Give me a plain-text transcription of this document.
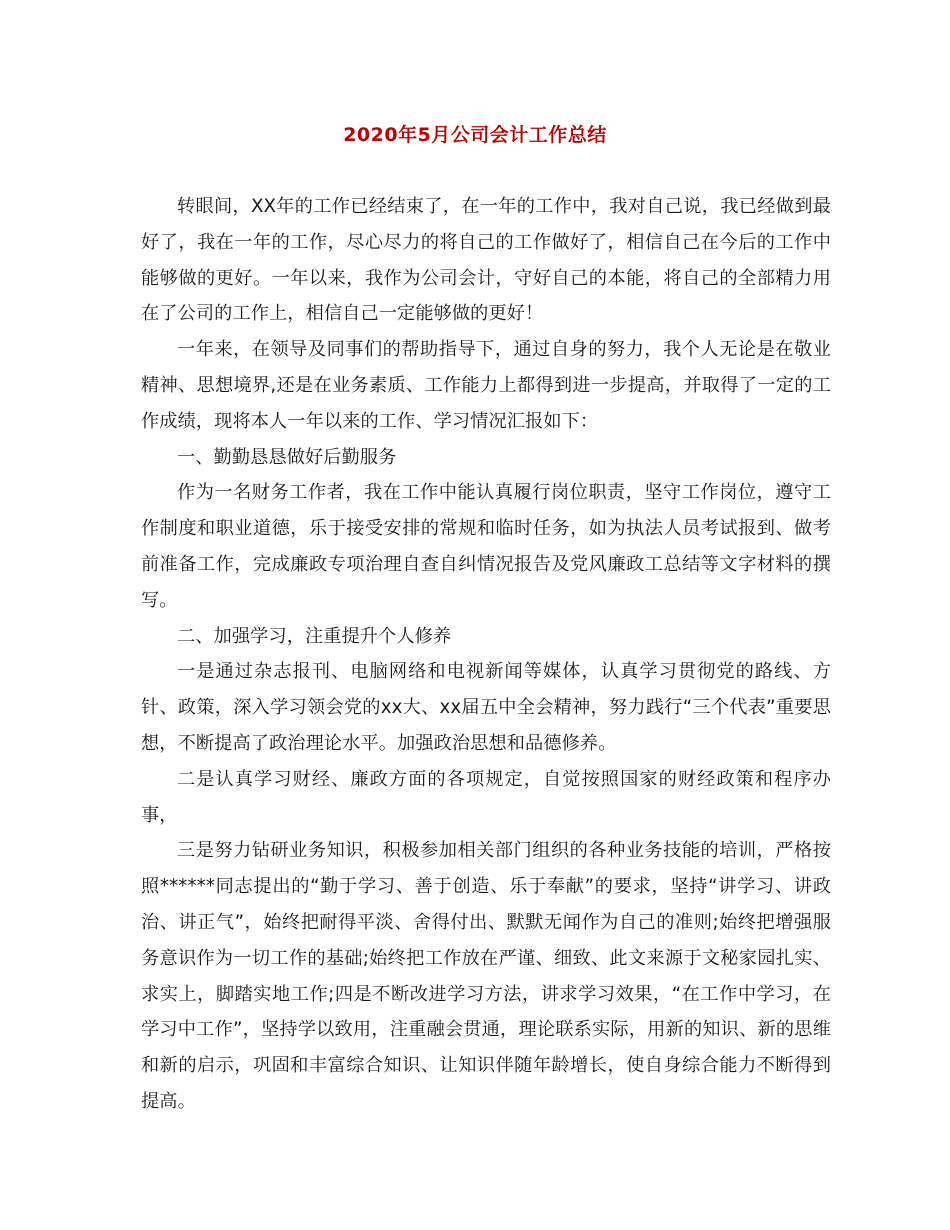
2020年5月公司会计工作总结

转眼间，XX年的工作已经结束了，在一年的工作中，我对自己说，我已经做到最好了，我在一年的工作，尽心尽力的将自己的工作做好了，相信自己在今后的工作中能够做的更好。一年以来，我作为公司会计，守好自己的本能，将自己的全部精力用在了公司的工作上，相信自己一定能够做的更好！

一年来，在领导及同事们的帮助指导下，通过自身的努力，我个人无论是在敬业精神、思想境界,还是在业务素质、工作能力上都得到进一步提高，并取得了一定的工作成绩，现将本人一年以来的工作、学习情况汇报如下：

一、勤勤恳恳做好后勤服务

作为一名财务工作者，我在工作中能认真履行岗位职责，坚守工作岗位，遵守工作制度和职业道德，乐于接受安排的常规和临时任务，如为执法人员考试报到、做考前准备工作，完成廉政专项治理自查自纠情况报告及党风廉政工总结等文字材料的撰写。

二、加强学习，注重提升个人修养

一是通过杂志报刊、电脑网络和电视新闻等媒体，认真学习贯彻党的路线、方针、政策，深入学习领会党的xx大、xx届五中全会精神，努力践行“三个代表”重要思想，不断提高了政治理论水平。加强政治思想和品德修养。

二是认真学习财经、廉政方面的各项规定，自觉按照国家的财经政策和程序办事，

三是努力钻研业务知识，积极参加相关部门组织的各种业务技能的培训，严格按照******同志提出的“勤于学习、善于创造、乐于奉献”的要求，坚持“讲学习、讲政治、讲正气”，始终把耐得平淡、舍得付出、默默无闻作为自己的准则;始终把增强服务意识作为一切工作的基础;始终把工作放在严谨、细致、此文来源于文秘家园扎实、求实上，脚踏实地工作;四是不断改进学习方法，讲求学习效果，“在工作中学习，在学习中工作”，坚持学以致用，注重融会贯通，理论联系实际，用新的知识、新的思维和新的启示，巩固和丰富综合知识、让知识伴随年龄增长，使自身综合能力不断得到提高。
